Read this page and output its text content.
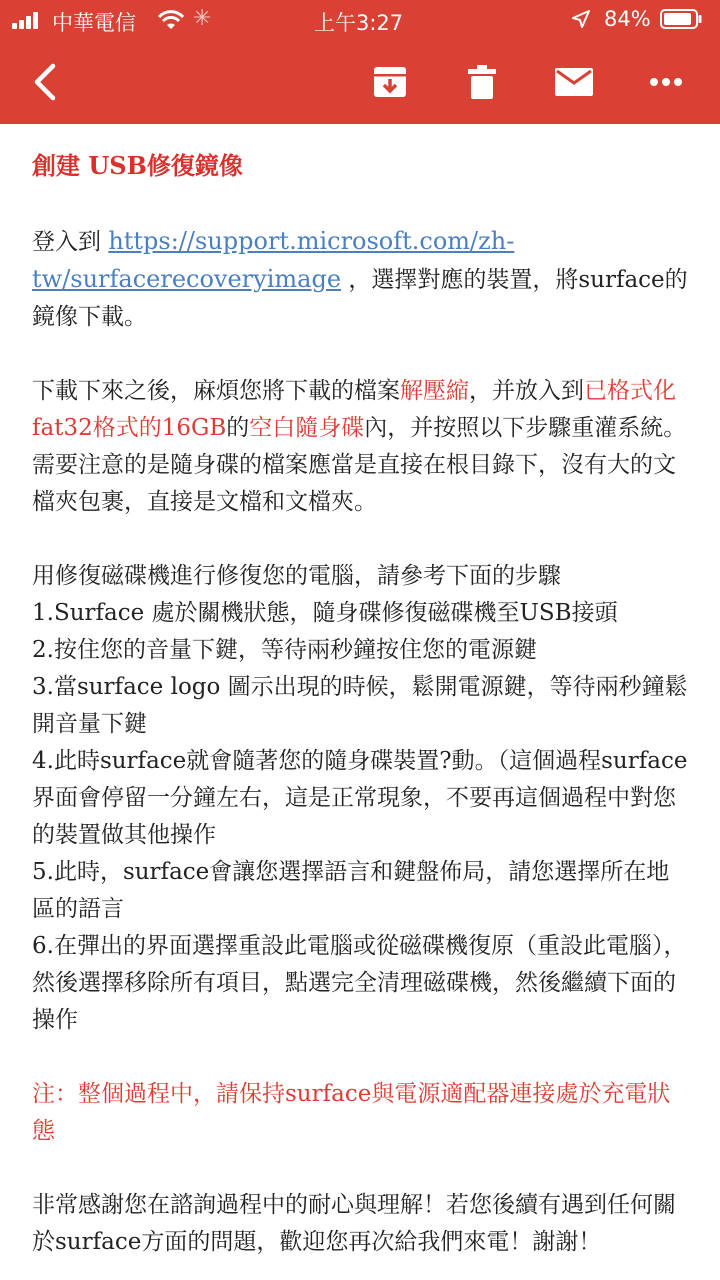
中華電信	✳	上午3:27	84%

創建 USB修復鏡像

登入到 https://support.microsoft.com/zh-tw/surfacerecoveryimage ，選擇對應的裝置，將surface的鏡像下載。

下載下來之後，麻煩您將下載的檔案解壓縮，并放入到已格式化fat32格式的16GB的空白隨身碟內，并按照以下步驟重灌系統。需要注意的是隨身碟的檔案應當是直接在根目錄下，沒有大的文檔夾包裹，直接是文檔和文檔夾。

用修復磁碟機進行修復您的電腦，請參考下面的步驟

1.Surface 處於關機狀態，隨身碟修復磁碟機至USB接頭

2.按住您的音量下鍵，等待兩秒鐘按住您的電源鍵

3.當surface logo 圖示出現的時候，鬆開電源鍵，等待兩秒鐘鬆開音量下鍵

4.此時surface就會隨著您的隨身碟裝置?動。（這個過程surface界面會停留一分鐘左右，這是正常現象，不要再這個過程中對您的裝置做其他操作

5.此時，surface會讓您選擇語言和鍵盤佈局，請您選擇所在地區的語言

6.在彈出的界面選擇重設此電腦或從磁碟機復原（重設此電腦），然後選擇移除所有項目，點選完全清理磁碟機，然後繼續下面的操作

注：整個過程中，請保持surface與電源適配器連接處於充電狀態

非常感謝您在諮詢過程中的耐心與理解！若您後續有遇到任何關於surface方面的問題，歡迎您再次給我們來電！謝謝！
